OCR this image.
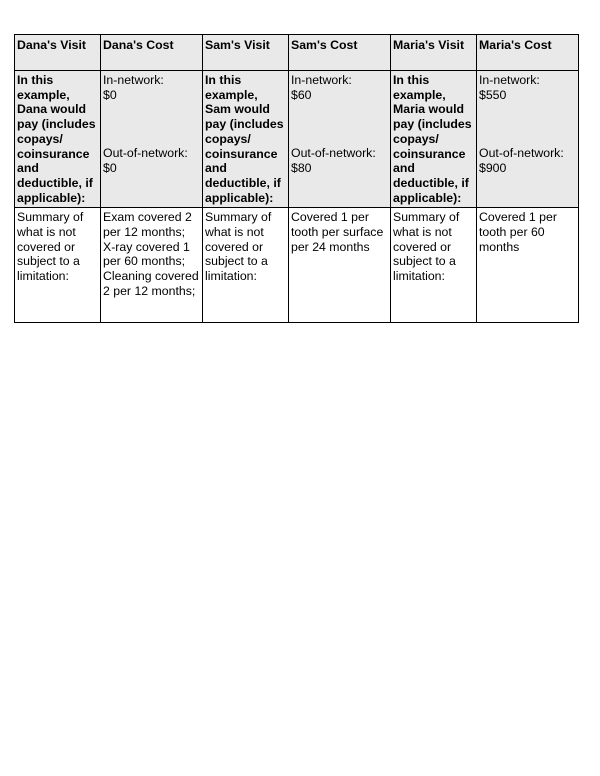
Dana's Visit	Dana's Cost	Sam's Visit	Sam's Cost	Maria's Visit	Maria's Cost
In this example, Dana would pay (includes copays/ coinsurance and deductible, if applicable):	In-network:
$0
Out-of-network:
$0	In this example, Sam would pay (includes copays/ coinsurance and deductible, if applicable):	In-network:
$60
Out-of-network:
$80	In this example, Maria would pay (includes copays/ coinsurance and deductible, if applicable):	In-network:
$550
Out-of-network:
$900

Summary of what is not covered or subject to a limitation:	Exam covered 2 per 12 months; X-ray covered 1 per 60 months; Cleaning covered 2 per 12 months;	Summary of what is not covered or subject to a limitation:	Covered 1 per tooth per surface per 24 months	Summary of what is not covered or subject to a limitation:	Covered 1 per tooth per 60 months
